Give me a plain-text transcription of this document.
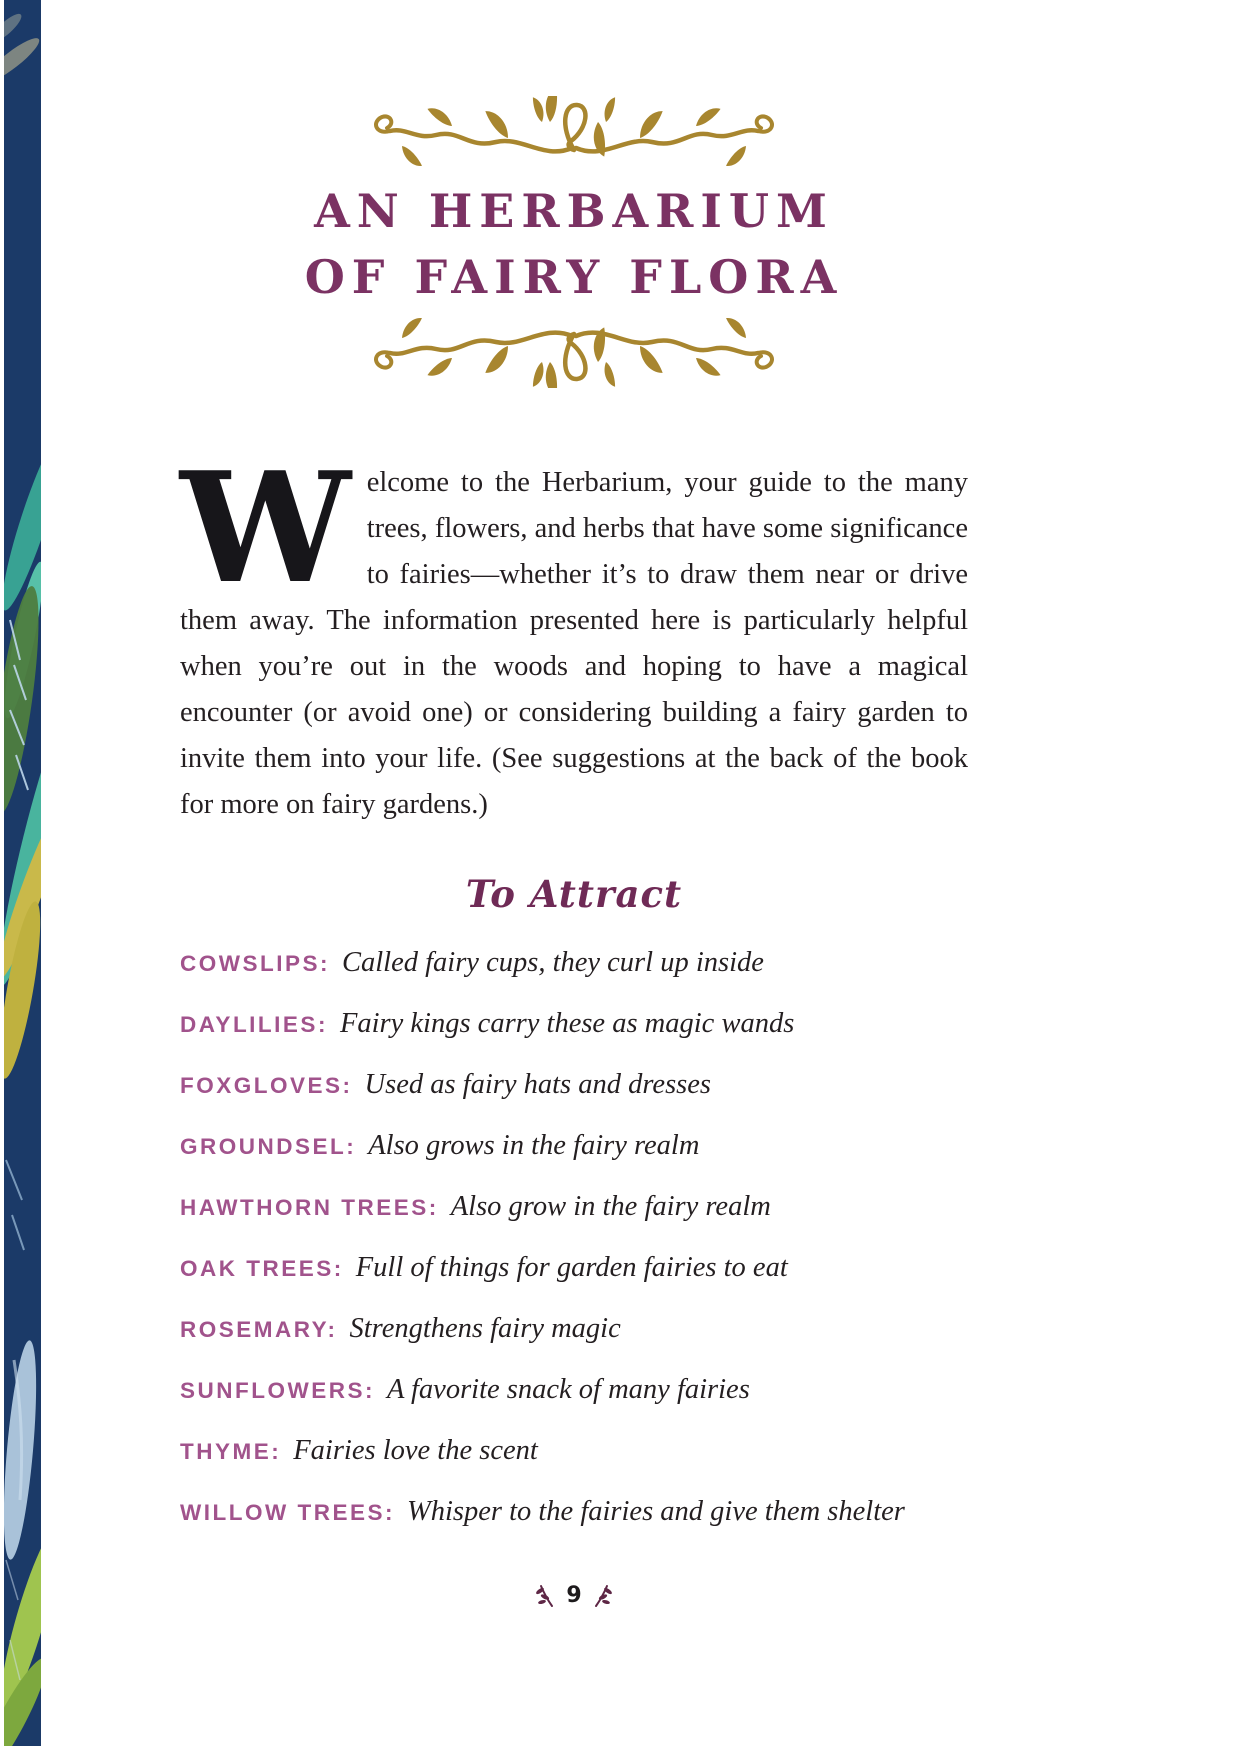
AN HERBARIUM
OF FAIRY FLORA

Welcome to the Herbarium, your guide to the many trees, flowers, and herbs that have some significance to fairies—whether it’s to draw them near or drive them away. The information presented here is particularly helpful when you’re out in the woods and hoping to have a magical encounter (or avoid one) or considering building a fairy garden to invite them into your life. (See suggestions at the back of the book for more on fairy gardens.)

To Attract
COWSLIPS: Called fairy cups, they curl up inside
DAYLILIES: Fairy kings carry these as magic wands
FOXGLOVES: Used as fairy hats and dresses
GROUNDSEL: Also grows in the fairy realm
HAWTHORN TREES: Also grow in the fairy realm
OAK TREES: Full of things for garden fairies to eat
ROSEMARY: Strengthens fairy magic
SUNFLOWERS: A favorite snack of many fairies
THYME: Fairies love the scent
WILLOW TREES: Whisper to the fairies and give them shelter
9
